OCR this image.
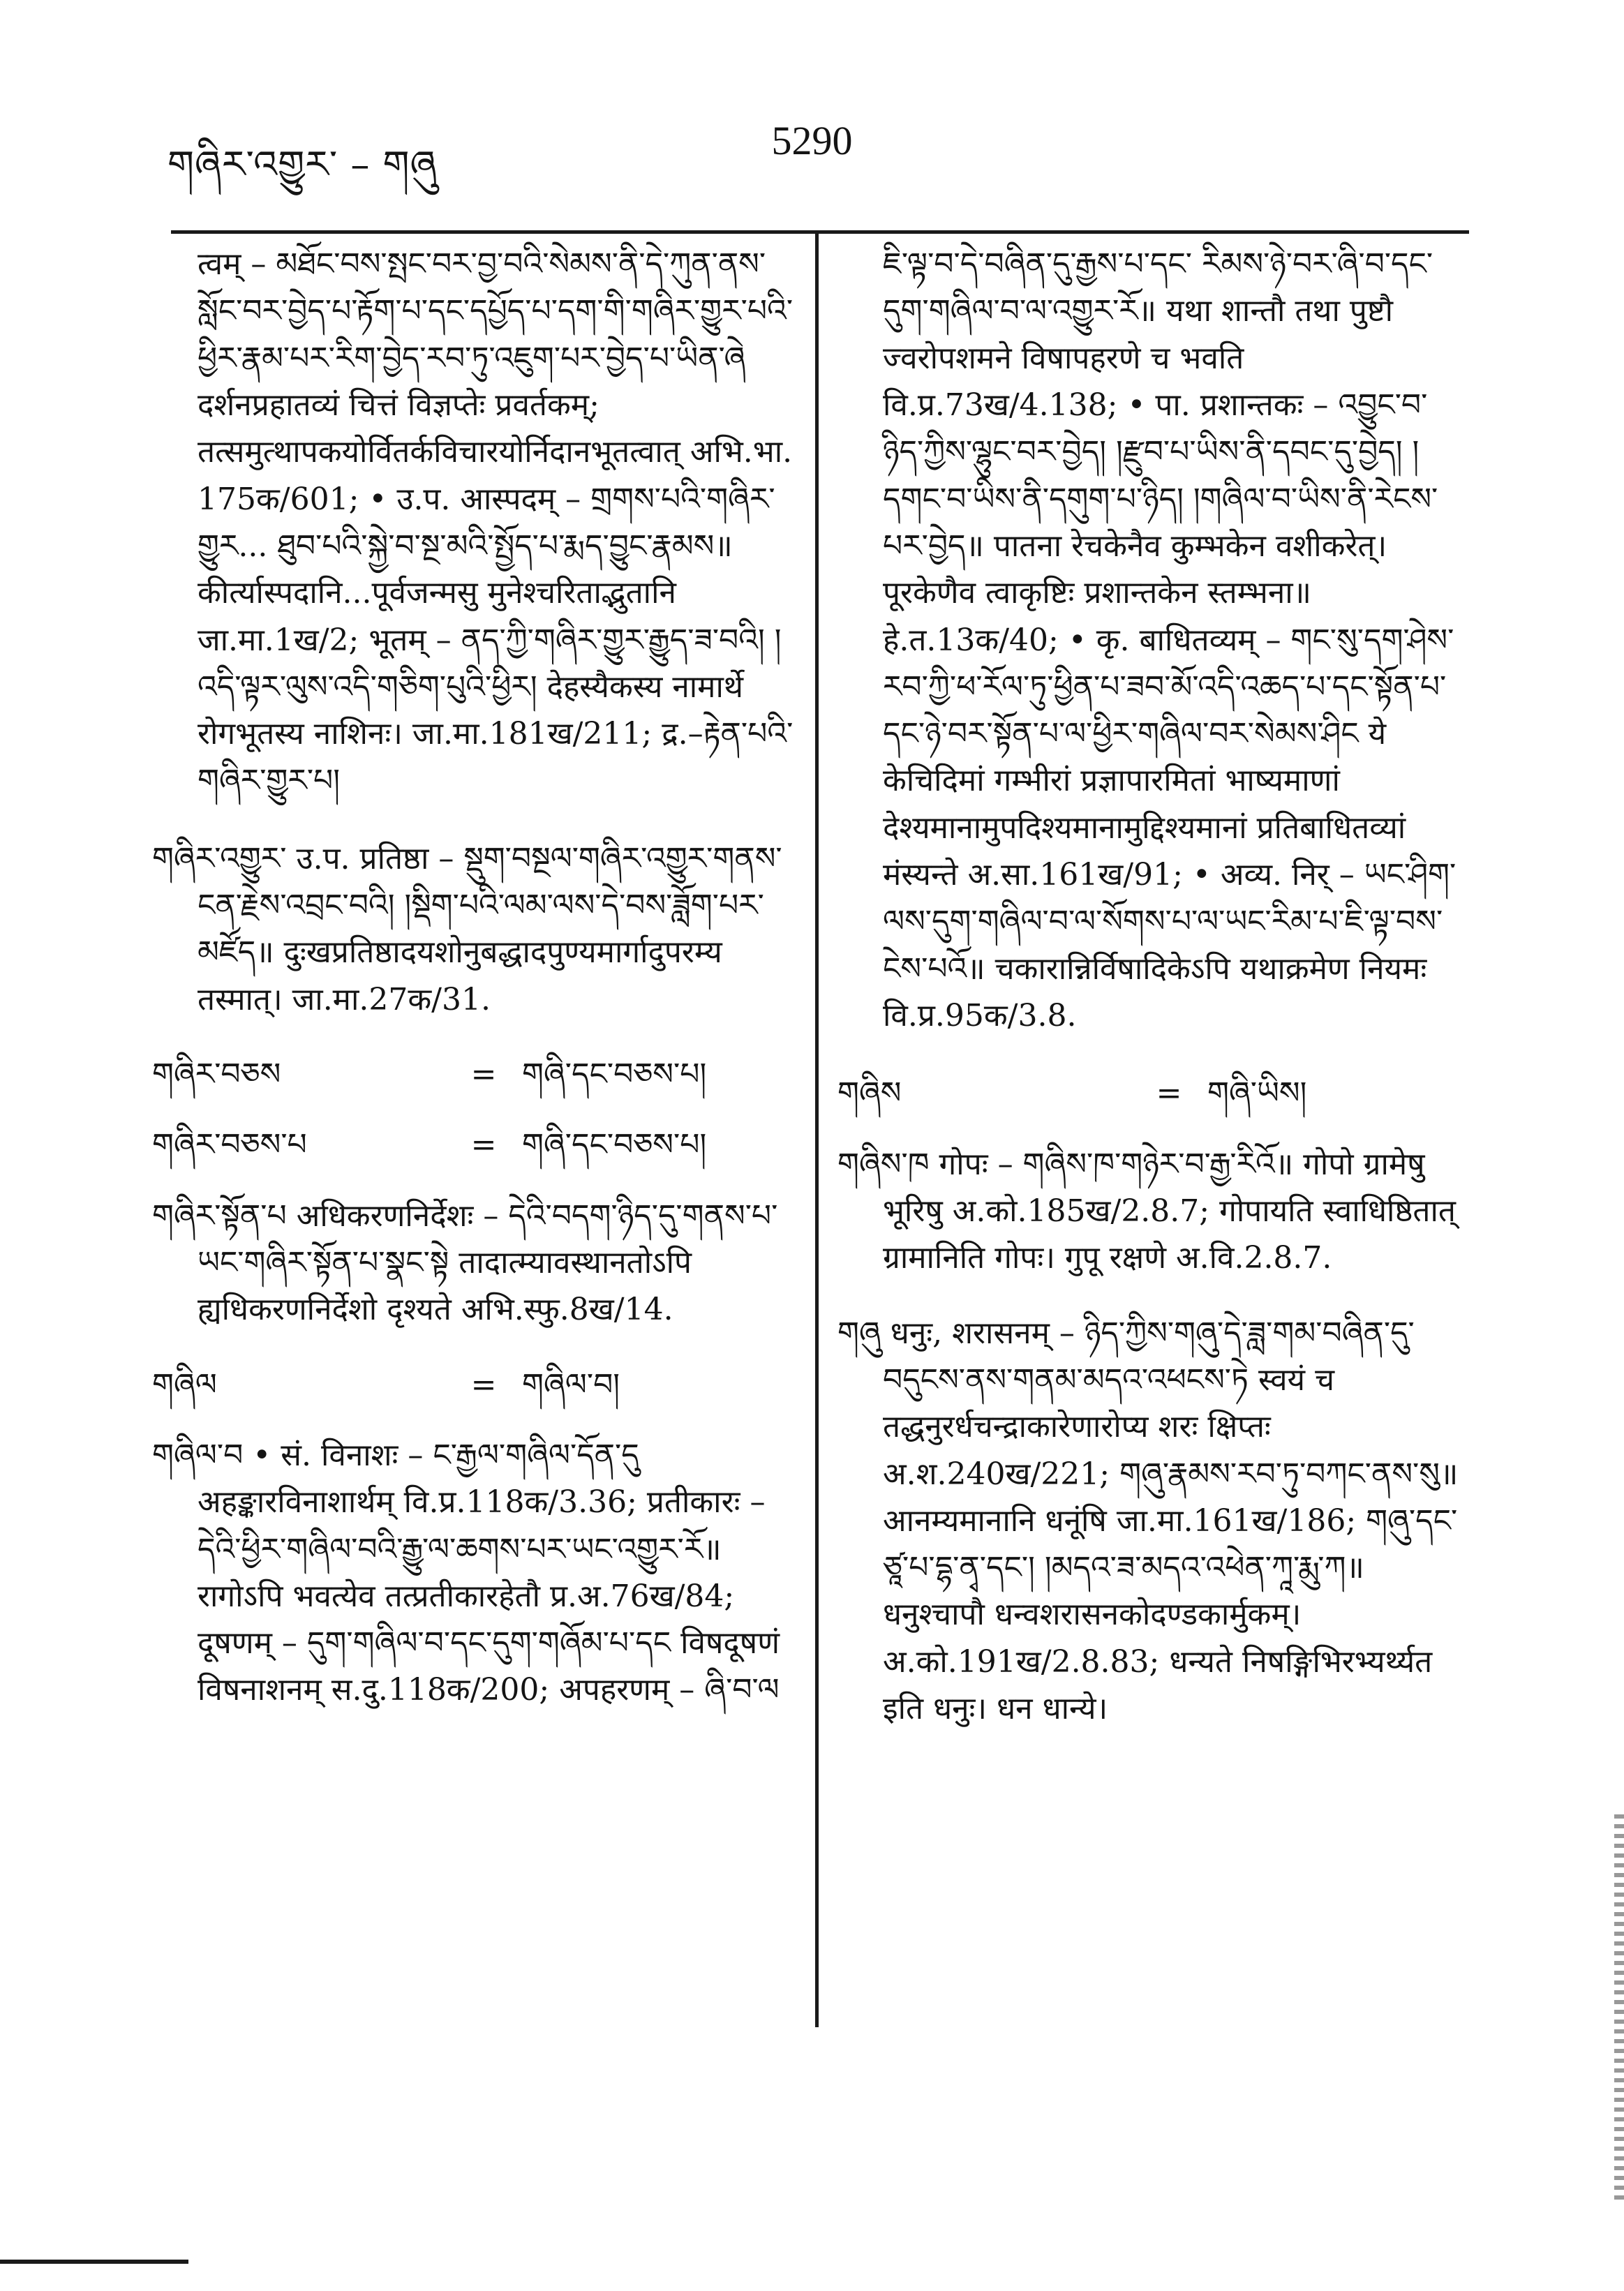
གཞིར་འགྱུར་ – གཞུ
5290
त्वम् – མཐོང་བས་སྤང་བར་བྱ་བའི་སེམས་ནི་དེ་ཀུན་ནས་སློང་བར་བྱེད་པ་རྟོག་པ་དང་དཔྱོད་པ་དག་གི་གཞིར་གྱུར་པའི་ཕྱིར་རྣམ་པར་རིག་བྱེད་རབ་ཏུ་འཇུག་པར་བྱེད་པ་ཡིན་ཞེ दर्शनप्रहातव्यं चित्तं विज्ञप्तेः प्रवर्तकम्; तत्समुत्थापकयोर्वितर्कविचारयोर्निदानभूतत्वात् अभि.भा. 175क/601; • उ.प. आस्पदम् – གྲགས་པའི་གཞིར་གྱུར... ཐུབ་པའི་སྐྱེ་བ་སྔ་མའི་སྤྱོད་པ་རྨད་བྱུང་རྣམས॥ कीर्त्यास्पदानि...पूर्वजन्मसु मुनेश्चरिताद्भुतानि जा.मा.1ख/2; भूतम् – ནད་ཀྱི་གཞིར་གྱུར་རྒྱུད་ཟ་བའི། །འདི་ལྟར་ལུས་འདི་གཅིག་པུའི་ཕྱིར། देहस्यैकस्य नामार्थे रोगभूतस्य नाशिनः। जा.मा.181ख/211; द्र.–རྟེན་པའི་གཞིར་གྱུར་པ།
གཞིར་འགྱུར་ उ.प. प्रतिष्ठा – སྡུག་བསྔལ་གཞིར་འགྱུར་གནས་ངན་རྗེས་འབྲང་བའི། །སྡིག་པའི་ལམ་ལས་དེ་བས་ཟློག་པར་མཛོད॥ दुःखप्रतिष्ठादयशोनुबद्धादपुण्यमार्गादुपरम्य तस्मात्। जा.मा.27क/31.
གཞིར་བཅས	= གཞི་དང་བཅས་པ།
གཞིར་བཅས་པ	= གཞི་དང་བཅས་པ།
གཞིར་སྟོན་པ अधिकरणनिर्देशः – དེའི་བདག་ཉིད་དུ་གནས་པ་ཡང་གཞིར་སྟོན་པ་སྣང་སྟེ तादात्म्यावस्थानतोऽपि ह्यधिकरणनिर्देशो दृश्यते अभि.स्फु.8ख/14.
གཞིལ	= གཞིལ་བ།
གཞིལ་བ • सं. विनाशः – ང་རྒྱལ་གཞིལ་དོན་དུ अहङ्कारविनाशार्थम् वि.प्र.118क/3.36; प्रतीकारः – དེའི་ཕྱིར་གཞིལ་བའི་རྒྱུ་ལ་ཆགས་པར་ཡང་འགྱུར་རོ॥ रागोऽपि भवत्येव तत्प्रतीकारहेतौ प्र.अ.76ख/84; दूषणम् – དུག་གཞིལ་བ་དང་དུག་གཞོམ་པ་དང विषदूषणं विषनाशनम् स.दु.118क/200; अपहरणम् – ཞི་བ་ལ
ཇི་ལྟ་བ་དེ་བཞིན་དུ་རྒྱས་པ་དང་ རིམས་ཉེ་བར་ཞི་བ་དང་དུག་གཞིལ་བ་ལ་འགྱུར་རོ॥ यथा शान्तौ तथा पुष्टौ ज्वरोपशमने विषापहरणे च भवति वि.प्र.73ख/4.138; • पा. प्रशान्तकः – འབྱུང་བ་ཉིད་ཀྱིས་ལྷུང་བར་བྱེད། །རྫུབ་པ་ཡིས་ནི་དབང་དུ་བྱེད། །དགང་བ་ཡིས་ནི་དགུག་པ་ཉིད། །གཞིལ་བ་ཡིས་ནི་རེངས་པར་བྱེད॥ पातना रेचकेनैव कुम्भकेन वशीकरेत्। पूरकेणैव त्वाकृष्टिः प्रशान्तकेन स्तम्भना॥ हे.त.13क/40; • कृ. बाधितव्यम् – གང་སུ་དག་ཤེས་རབ་ཀྱི་ཕ་རོལ་ཏུ་ཕྱིན་པ་ཟབ་མོ་འདི་འཆད་པ་དང་སྟོན་པ་དང་ཉེ་བར་སྟོན་པ་ལ་ཕྱིར་གཞིལ་བར་སེམས་ཤིང ये केचिदिमां गम्भीरां प्रज्ञापारमितां भाष्यमाणां देश्यमानामुपदिश्यमानामुद्दिश्यमानां प्रतिबाधितव्यां मंस्यन्ते अ.सा.161ख/91; • अव्य. निर् – ཡང་ཤིག་ལས་དུག་གཞིལ་བ་ལ་སོགས་པ་ལ་ཡང་རིམ་པ་ཇི་ལྟ་བས་ངེས་པའོ॥ चकारान्निर्विषादिकेऽपि यथाक्रमेण नियमः वि.प्र.95क/3.8.
གཞིས	= གཞི་ཡིས།
གཞིས་ཁ गोपः – གཞིས་ཁ་གཉེར་བ་རྒྱ་རིའོ॥ गोपो ग्रामेषु भूरिषु अ.को.185ख/2.8.7; गोपायति स्वाधिष्ठितात् ग्रामानिति गोपः। गुपू रक्षणे अ.वि.2.8.7.
གཞུ धनुः, शरासनम् – ཉིད་ཀྱིས་གཞུ་དེ་ཟླ་གམ་བཞིན་དུ་བདུངས་ནས་གནམ་མདའ་འཕངས་ཏེ स्वयं च तद्धनुरर्धचन्द्राकारेणारोप्य शरः क्षिप्तः अ.श.240ख/221; གཞུ་རྣམས་རབ་ཏུ་བཀང་ནས་སུ॥ आनम्यमानानि धनूंषि जा.मा.161ख/186; གཞུ་དང་ཙཱ་པ་དྷ་ནྭ་དང་། །མདའ་ཟ་མདའ་འཕེན་ཀཱ་རྨུ་ཀ॥ धनुश्चापौ धन्वशरासनकोदण्डकार्मुकम्। अ.को.191ख/2.8.83; धन्यते निषङ्गिभिरभ्यर्थ्यत इति धनुः। धन धान्ये।
